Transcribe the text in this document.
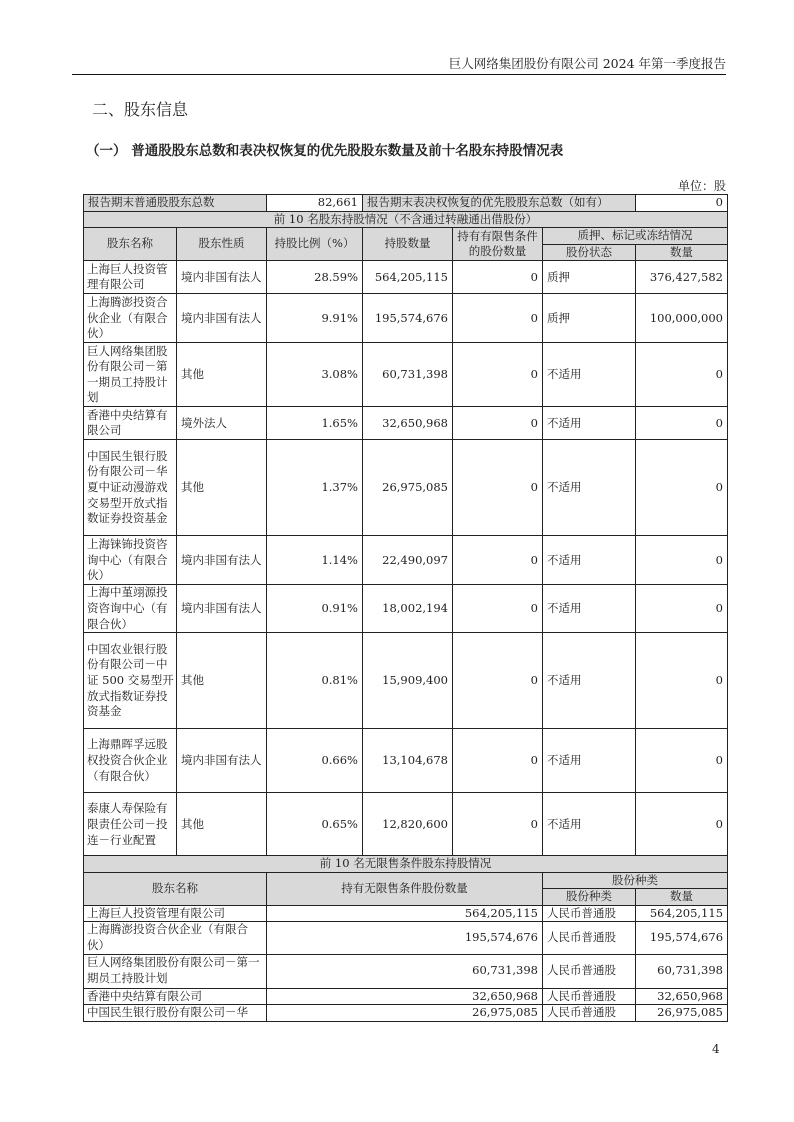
巨人网络集团股份有限公司 2024 年第一季度报告
二、股东信息
（一） 普通股股东总数和表决权恢复的优先股股东数量及前十名股东持股情况表
单位：股
报告期末普通股股东总数		82,661	报告期末表决权恢复的优先股股东总数（如有）			0
前 10 名股东持股情况（不含通过转融通出借股份）						
股东名称	股东性质	持股比例（%）	持股数量	持有有限售条件的股份数量	质押、标记或冻结情况	
					股份状态	数量
上海巨人投资管理有限公司	境内非国有法人	28.59%	564,205,115	0	质押	376,427,582
上海腾澎投资合伙企业（有限合伙）	境内非国有法人	9.91%	195,574,676	0	质押	100,000,000
巨人网络集团股份有限公司－第一期员工持股计划	其他	3.08%	60,731,398	0	不适用	0
香港中央结算有限公司	境外法人	1.65%	32,650,968	0	不适用	0
中国民生银行股份有限公司－华夏中证动漫游戏交易型开放式指数证券投资基金	其他	1.37%	26,975,085	0	不适用	0
上海铼钸投资咨询中心（有限合伙）	境内非国有法人	1.14%	22,490,097	0	不适用	0
上海中堇翊源投资咨询中心（有限合伙）	境内非国有法人	0.91%	18,002,194	0	不适用	0
中国农业银行股份有限公司－中证 500 交易型开放式指数证券投资基金	其他	0.81%	15,909,400	0	不适用	0
上海鼎晖孚远股权投资合伙企业（有限合伙）	境内非国有法人	0.66%	13,104,678	0	不适用	0
泰康人寿保险有限责任公司－投连－行业配置	其他	0.65%	12,820,600	0	不适用	0
前 10 名无限售条件股东持股情况			
股东名称	持有无限售条件股份数量	股份种类	
		股份种类	数量
上海巨人投资管理有限公司	564,205,115	人民币普通股	564,205,115
上海腾澎投资合伙企业（有限合伙）	195,574,676	人民币普通股	195,574,676
巨人网络集团股份有限公司－第一期员工持股计划	60,731,398	人民币普通股	60,731,398
香港中央结算有限公司	32,650,968	人民币普通股	32,650,968
中国民生银行股份有限公司－华	26,975,085	人民币普通股	26,975,085
4
